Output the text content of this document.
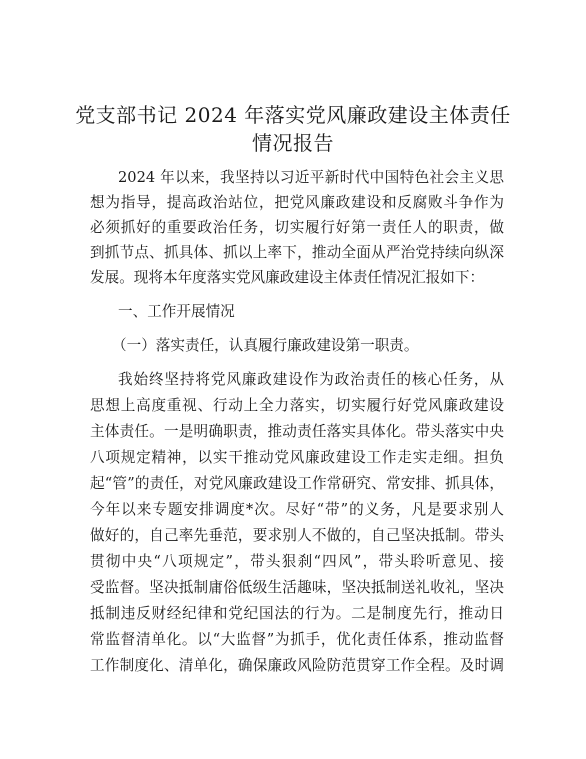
党支部书记 2024 年落实党风廉政建设主体责任
情况报告
2024 年以来，我坚持以习近平新时代中国特色社会主义思
想为指导，提高政治站位，把党风廉政建设和反腐败斗争作为
必须抓好的重要政治任务，切实履行好第一责任人的职责，做
到抓节点、抓具体、抓以上率下，推动全面从严治党持续向纵深
发展。现将本年度落实党风廉政建设主体责任情况汇报如下：
一、工作开展情况
（一）落实责任，认真履行廉政建设第一职责。
我始终坚持将党风廉政建设作为政治责任的核心任务，从
思想上高度重视、行动上全力落实，切实履行好党风廉政建设
主体责任。一是明确职责，推动责任落实具体化。带头落实中央
八项规定精神，以实干推动党风廉政建设工作走实走细。担负
起“管”的责任，对党风廉政建设工作常研究、常安排、抓具体，
今年以来专题安排调度*次。尽好“带”的义务，凡是要求别人
做好的，自己率先垂范，要求别人不做的，自己坚决抵制。带头
贯彻中央“八项规定”，带头狠刹“四风”，带头聆听意见、接
受监督。坚决抵制庸俗低级生活趣味，坚决抵制送礼收礼，坚决
抵制违反财经纪律和党纪国法的行为。二是制度先行，推动日
常监督清单化。以“大监督”为抓手，优化责任体系，推动监督
工作制度化、清单化，确保廉政风险防范贯穿工作全程。及时调
